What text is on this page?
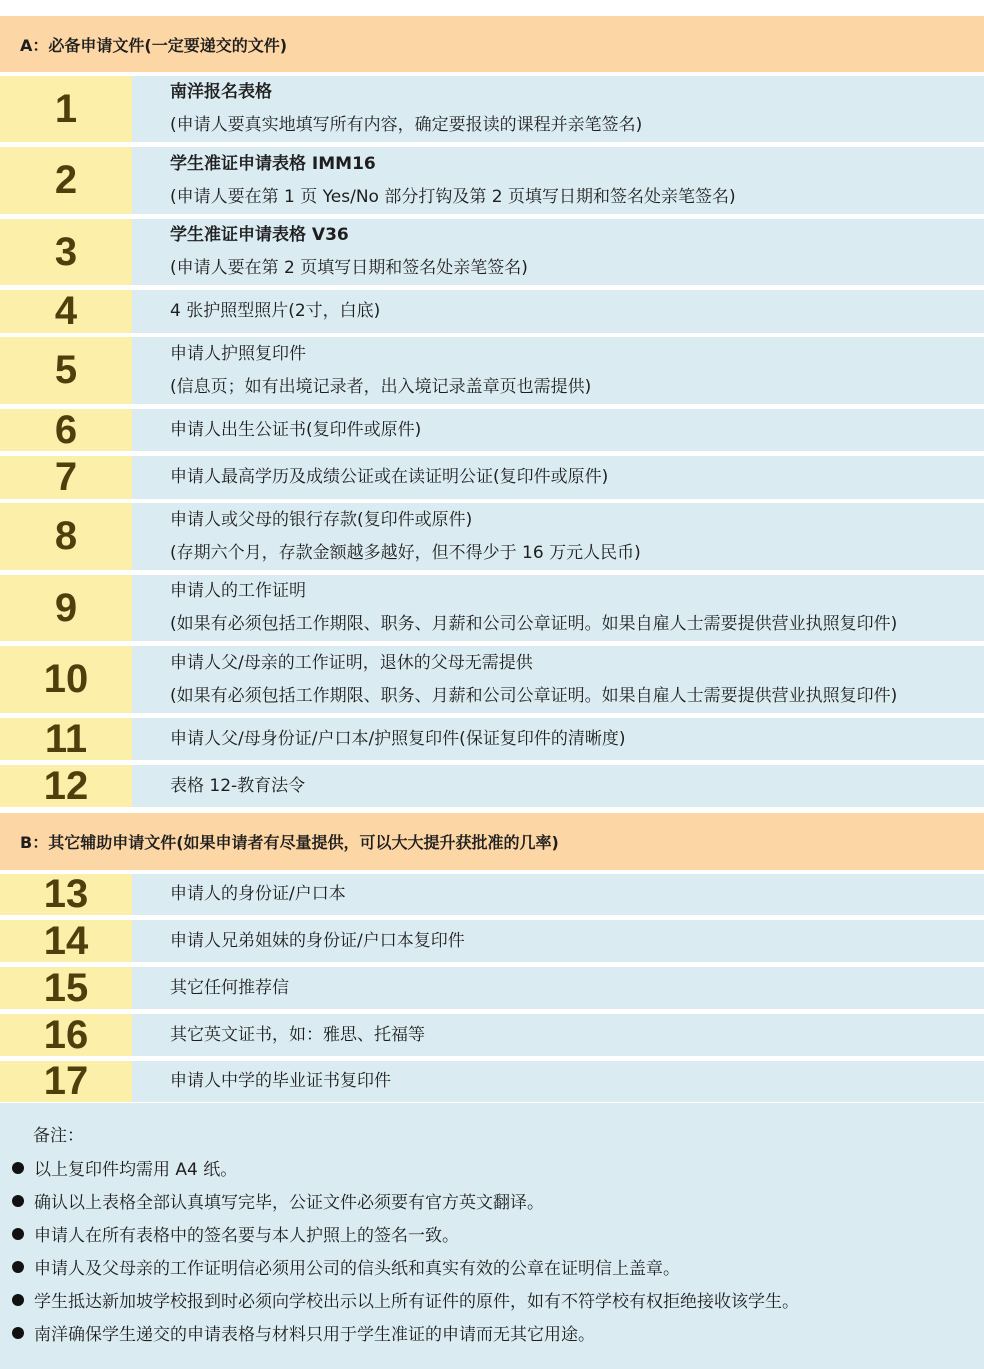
A：必备申请文件(一定要递交的文件)
1	南洋报名表格
(申请人要真实地填写所有内容，确定要报读的课程并亲笔签名)
2	学生准证申请表格 IMM16
(申请人要在第 1 页 Yes/No 部分打钩及第 2 页填写日期和签名处亲笔签名)
3	学生准证申请表格 V36
(申请人要在第 2 页填写日期和签名处亲笔签名)
4	4 张护照型照片(2寸，白底)
5	申请人护照复印件
(信息页；如有出境记录者，出入境记录盖章页也需提供)
6	申请人出生公证书(复印件或原件)
7	申请人最高学历及成绩公证或在读证明公证(复印件或原件)
8	申请人或父母的银行存款(复印件或原件)
(存期六个月，存款金额越多越好，但不得少于 16 万元人民币)
9	申请人的工作证明
(如果有必须包括工作期限、职务、月薪和公司公章证明。如果自雇人士需要提供营业执照复印件)
10	申请人父/母亲的工作证明，退休的父母无需提供
(如果有必须包括工作期限、职务、月薪和公司公章证明。如果自雇人士需要提供营业执照复印件)
11	申请人父/母身份证/户口本/护照复印件(保证复印件的清晰度)
12	表格 12-教育法令
B：其它辅助申请文件(如果申请者有尽量提供，可以大大提升获批准的几率)
13	申请人的身份证/户口本
14	申请人兄弟姐妹的身份证/户口本复印件
15	其它任何推荐信
16	其它英文证书，如：雅思、托福等
17	申请人中学的毕业证书复印件
备注：
以上复印件均需用 A4 纸。
确认以上表格全部认真填写完毕，公证文件必须要有官方英文翻译。
申请人在所有表格中的签名要与本人护照上的签名一致。
申请人及父母亲的工作证明信必须用公司的信头纸和真实有效的公章在证明信上盖章。
学生抵达新加坡学校报到时必须向学校出示以上所有证件的原件，如有不符学校有权拒绝接收该学生。
南洋确保学生递交的申请表格与材料只用于学生准证的申请而无其它用途。
